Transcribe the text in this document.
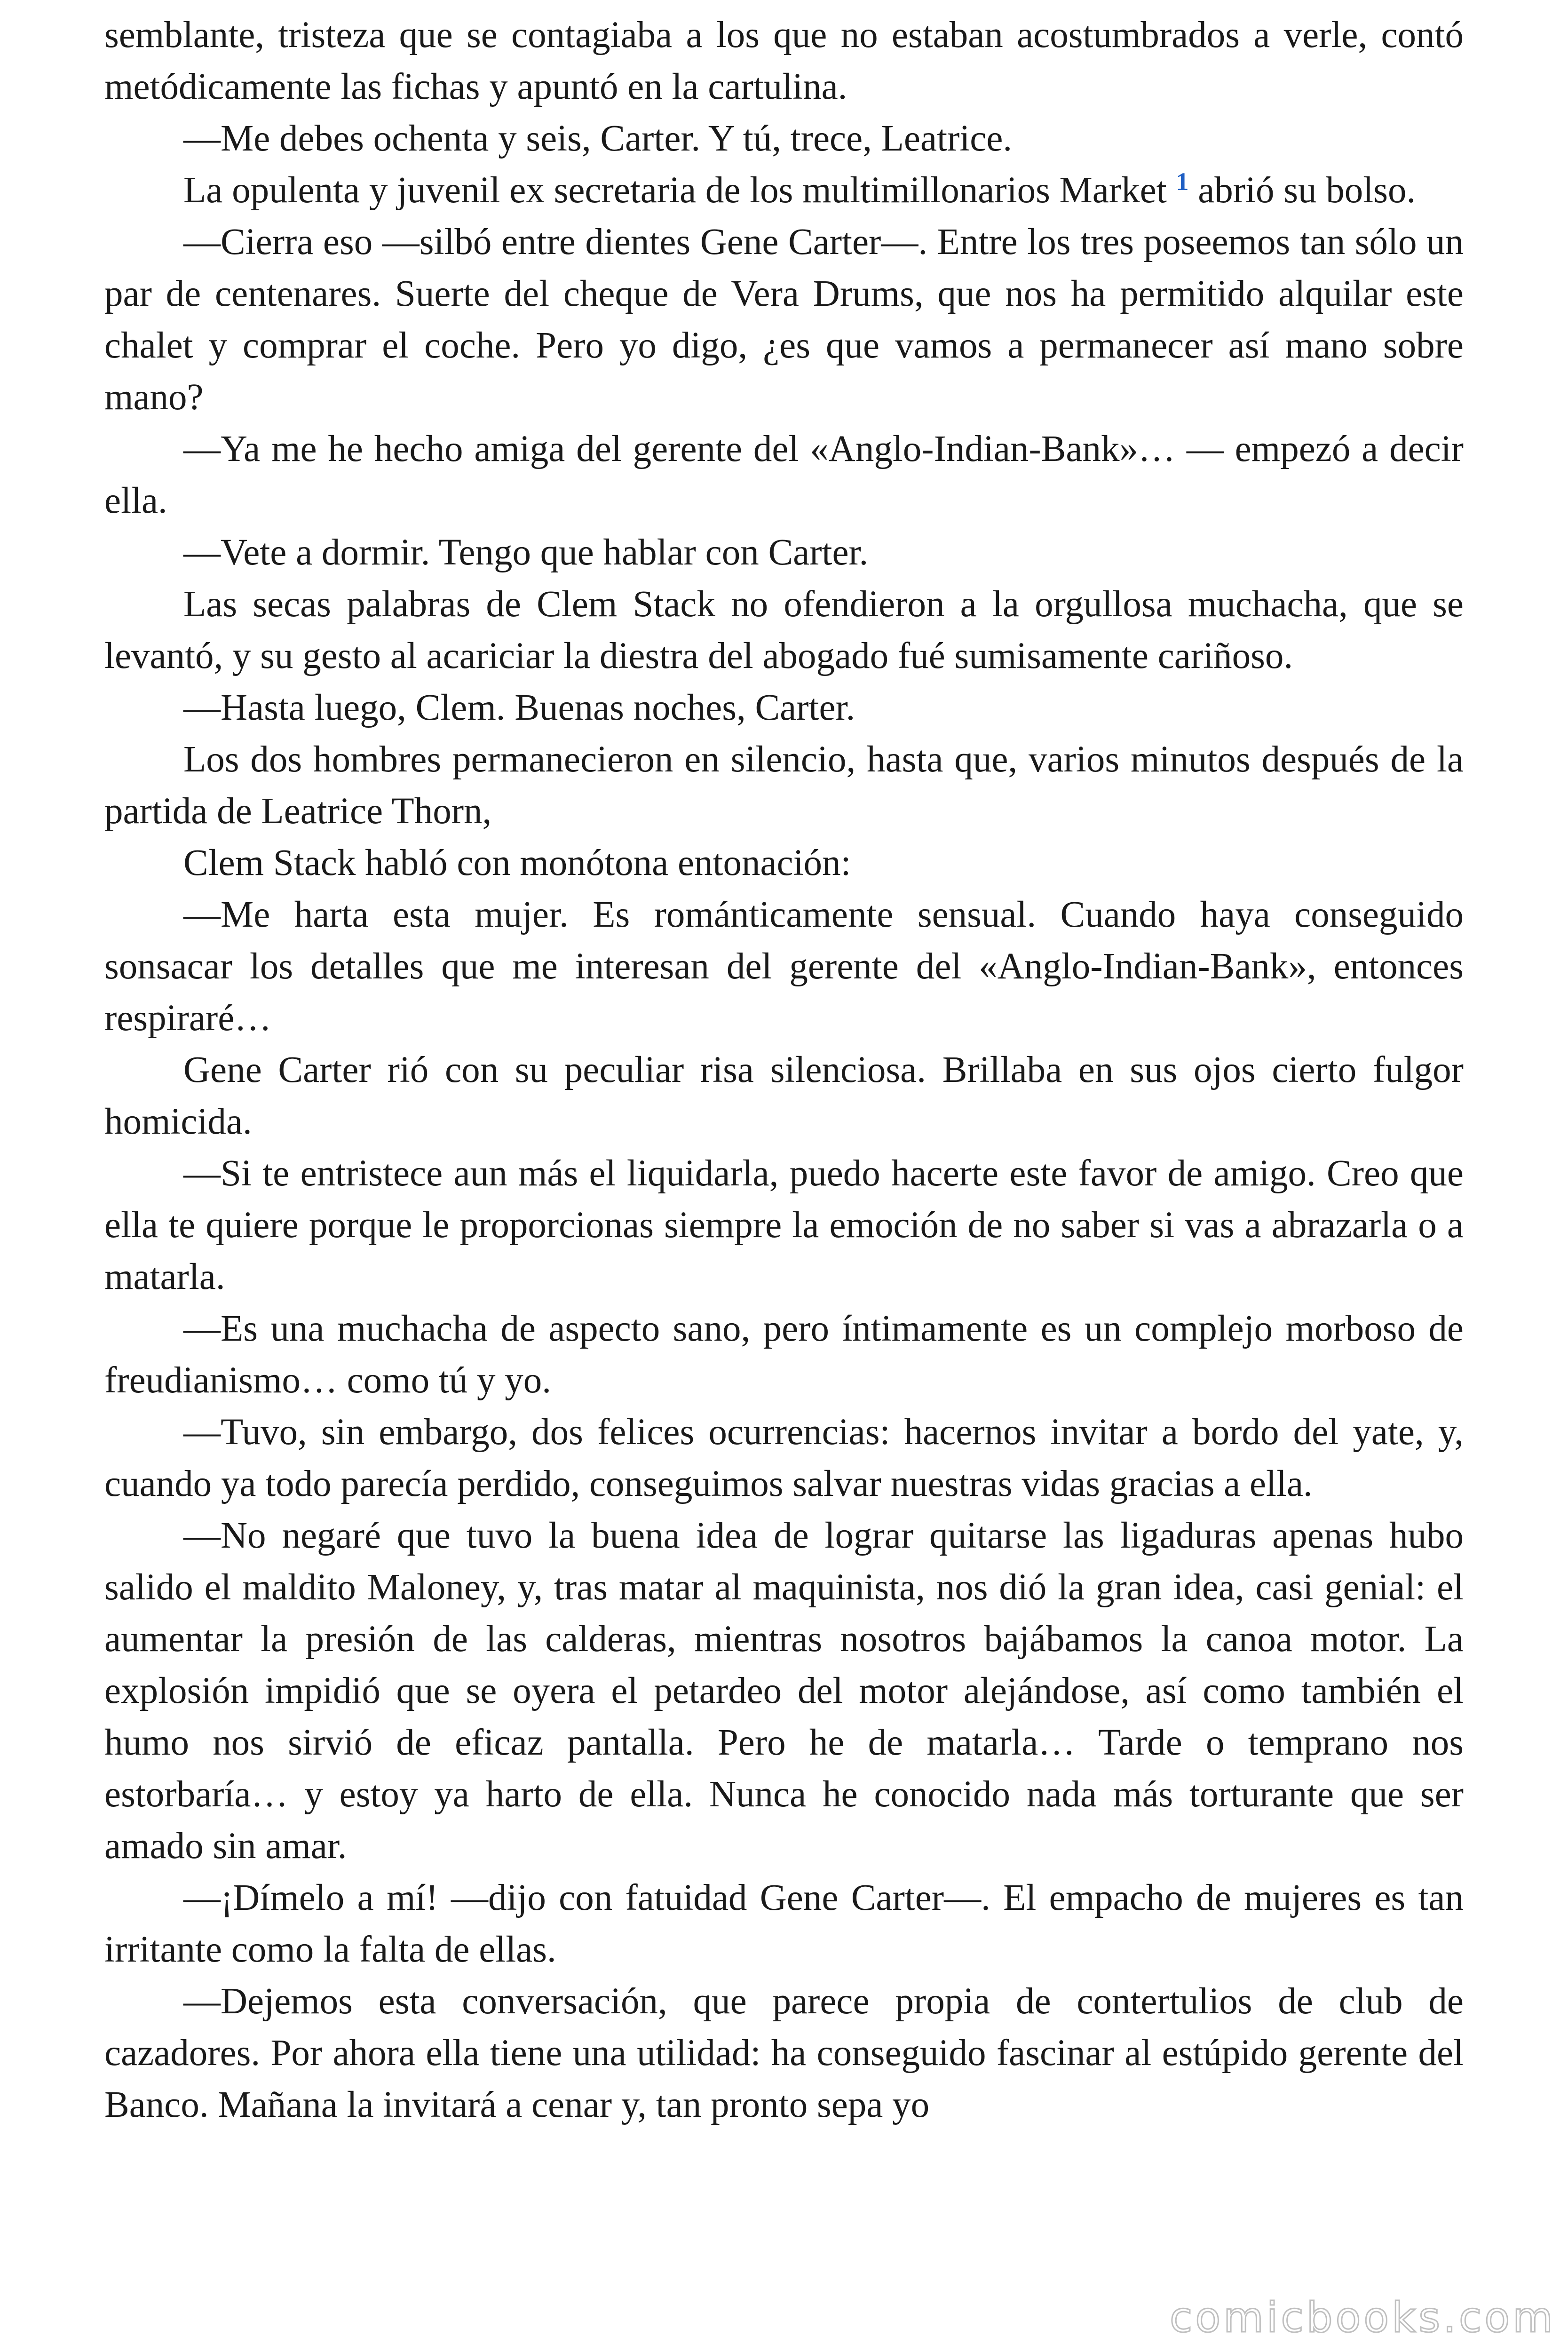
semblante, tristeza que se contagiaba a los que no estaban acostumbrados a verle, contó metódicamente las fichas y apuntó en la cartulina.

—Me debes ochenta y seis, Carter. Y tú, trece, Leatrice.

La opulenta y juvenil ex secretaria de los multimillonarios Market $^1$ abrió su bolso.

—Cierra eso —silbó entre dientes Gene Carter—. Entre los tres poseemos tan sólo un par de centenares. Suerte del cheque de Vera Drums, que nos ha permitido alquilar este chalet y comprar el coche. Pero yo digo, ¿es que vamos a permanecer así mano sobre mano?

—Ya me he hecho amiga del gerente del «Anglo-Indian-Bank»… — empezó a decir ella.

—Vete a dormir. Tengo que hablar con Carter.

Las secas palabras de Clem Stack no ofendieron a la orgullosa muchacha, que se levantó, y su gesto al acariciar la diestra del abogado fué sumisamente cariñoso.

—Hasta luego, Clem. Buenas noches, Carter.

Los dos hombres permanecieron en silencio, hasta que, varios minutos después de la partida de Leatrice Thorn,

Clem Stack habló con monótona entonación:

—Me harta esta mujer. Es románticamente sensual. Cuando haya conseguido sonsacar los detalles que me interesan del gerente del «Anglo-Indian-Bank», entonces respiraré…

Gene Carter rió con su peculiar risa silenciosa. Brillaba en sus ojos cierto fulgor homicida.

—Si te entristece aun más el liquidarla, puedo hacerte este favor de amigo. Creo que ella te quiere porque le proporcionas siempre la emoción de no saber si vas a abrazarla o a matarla.

—Es una muchacha de aspecto sano, pero íntimamente es un complejo morboso de freudianismo… como tú y yo.

—Tuvo, sin embargo, dos felices ocurrencias: hacernos invitar a bordo del yate, y, cuando ya todo parecía perdido, conseguimos salvar nuestras vidas gracias a ella.

—No negaré que tuvo la buena idea de lograr quitarse las ligaduras apenas hubo salido el maldito Maloney, y, tras matar al maquinista, nos dió la gran idea, casi genial: el aumentar la presión de las calderas, mientras nosotros bajábamos la canoa motor. La explosión impidió que se oyera el petardeo del motor alejándose, así como también el humo nos sirvió de eficaz pantalla. Pero he de matarla… Tarde o temprano nos estorbaría… y estoy ya harto de ella. Nunca he conocido nada más torturante que ser amado sin amar.

—¡Dímelo a mí! —dijo con fatuidad Gene Carter—. El empacho de mujeres es tan irritante como la falta de ellas.

—Dejemos esta conversación, que parece propia de contertulios de club de cazadores. Por ahora ella tiene una utilidad: ha conseguido fascinar al estúpido gerente del Banco. Mañana la invitará a cenar y, tan pronto sepa yo

comicbooks.com
